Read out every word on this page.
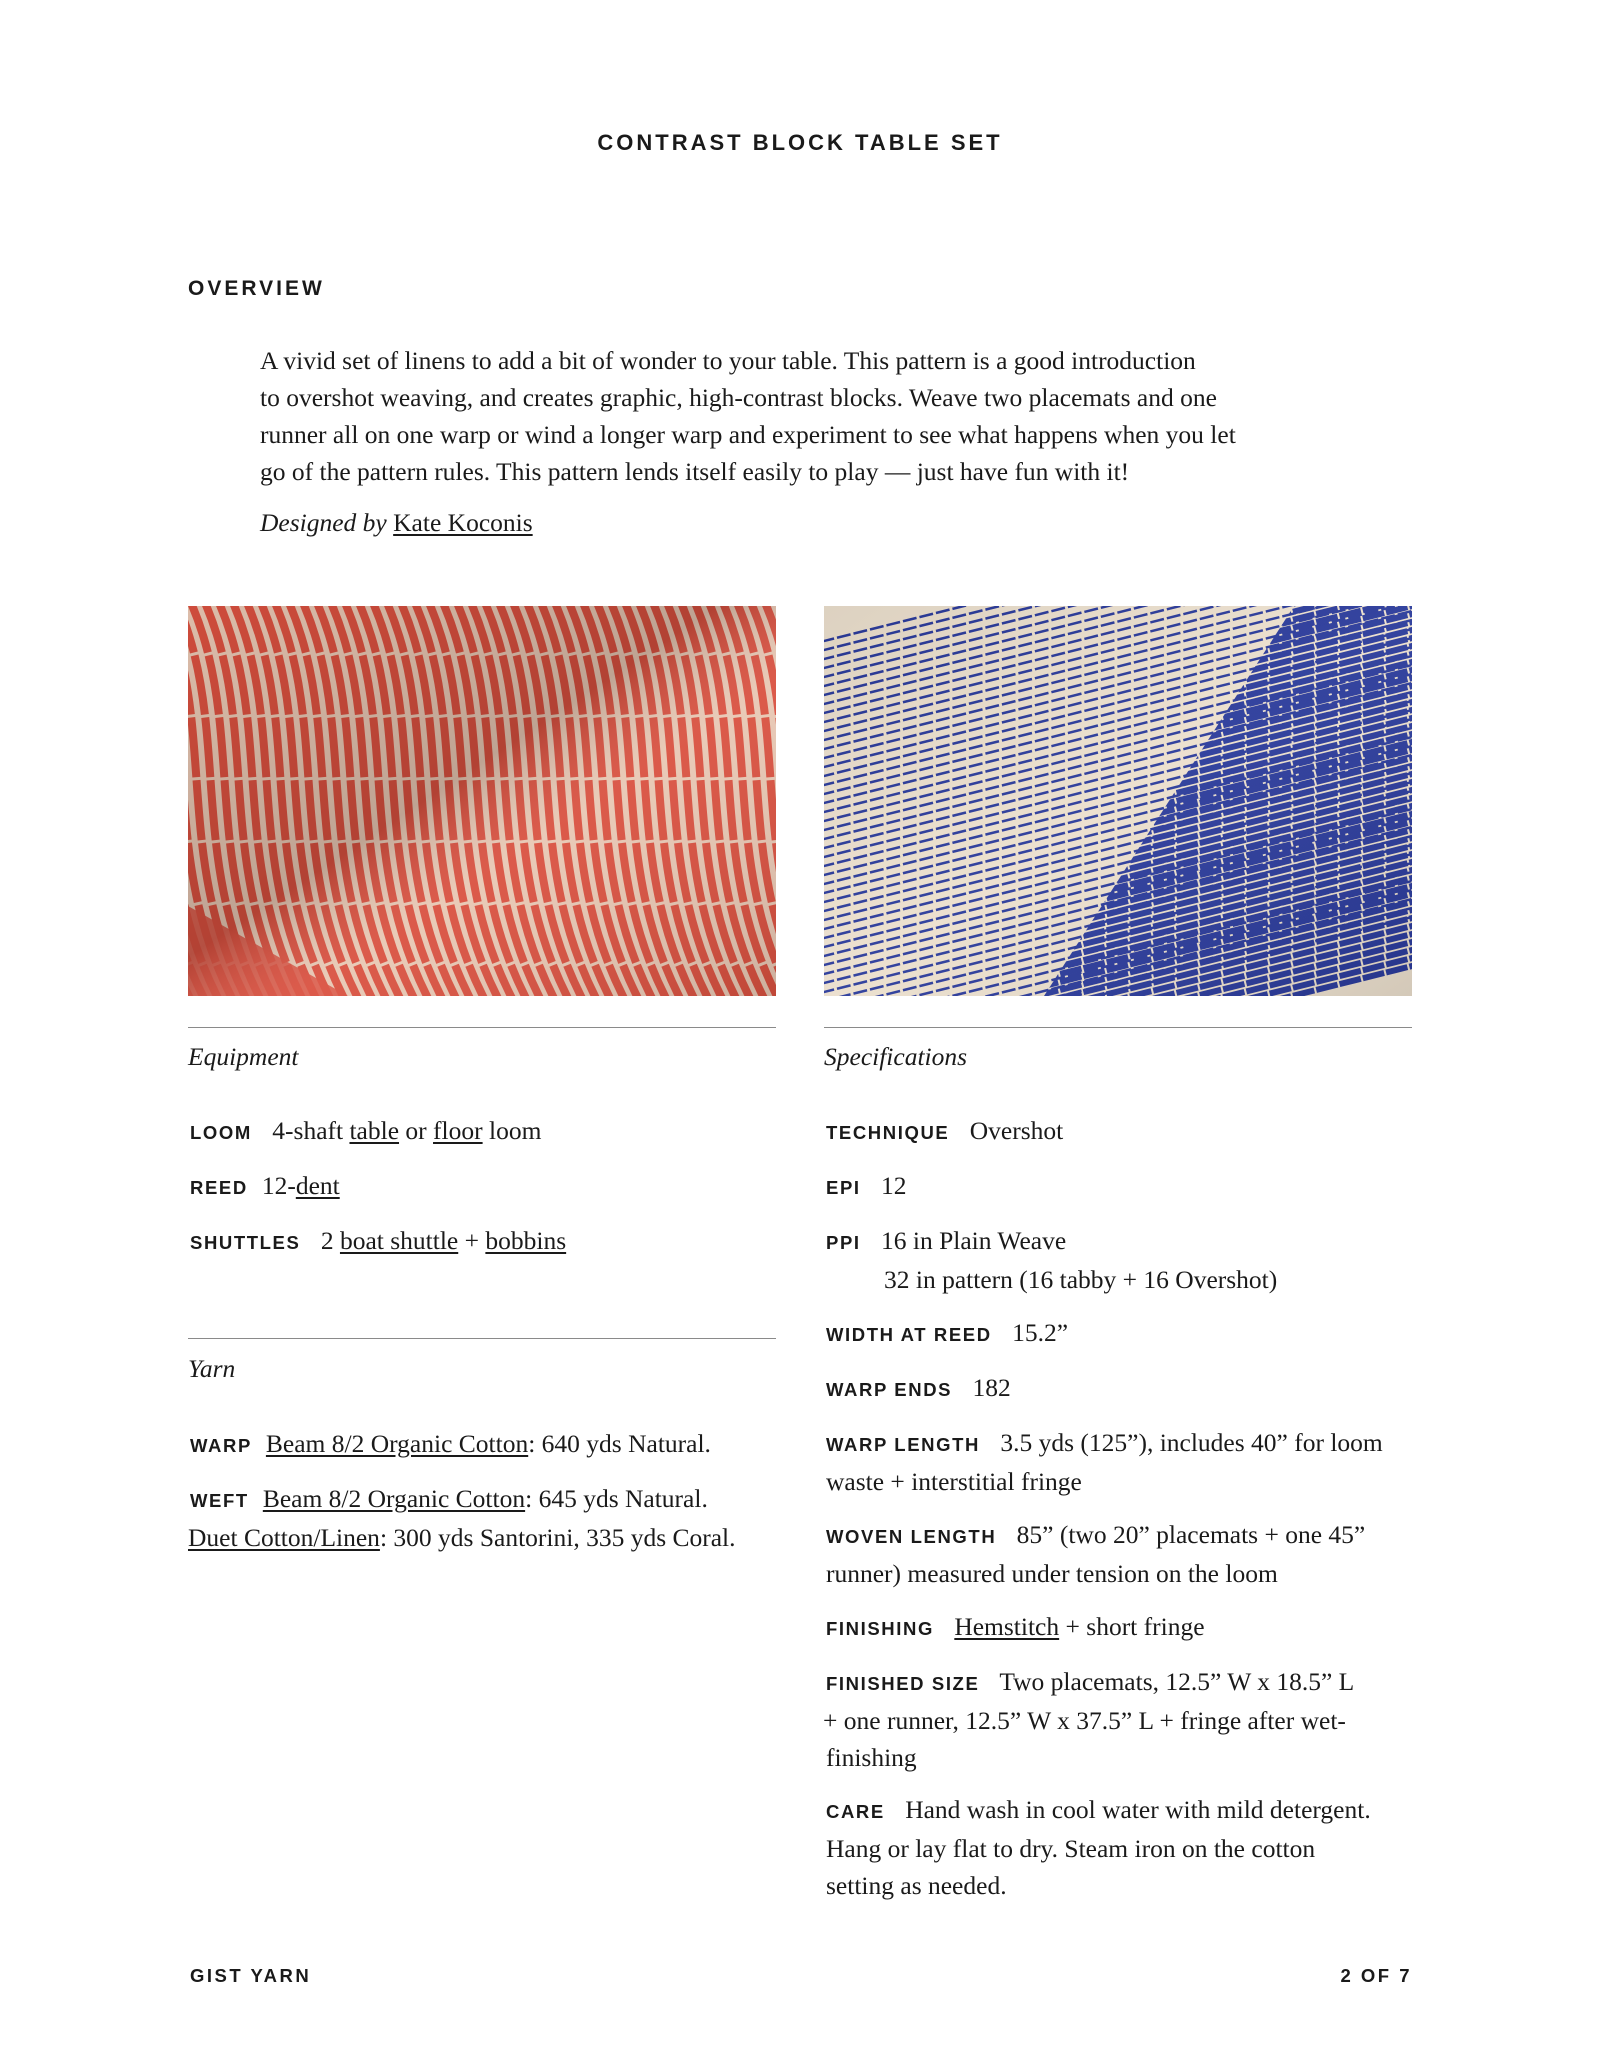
CONTRAST BLOCK TABLE SET
OVERVIEW

A vivid set of linens to add a bit of wonder to your table. This pattern is a good introduction

to overshot weaving, and creates graphic, high-contrast blocks. Weave two placemats and one

runner all on one warp or wind a longer warp and experiment to see what happens when you let

go of the pattern rules. This pattern lends itself easily to play — just have fun with it!

Designed by Kate Koconis
Equipment
LOOM 4-shaft table or floor loom
REED 12-dent
SHUTTLES 2 boat shuttle + bobbins
Yarn
WARP Beam 8/2 Organic Cotton: 640 yds Natural.
WEFT Beam 8/2 Organic Cotton: 645 yds Natural.
Duet Cotton/Linen: 300 yds Santorini, 335 yds Coral.
Specifications
TECHNIQUE Overshot
EPI 12
PPI 16 in Plain Weave
32 in pattern (16 tabby + 16 Overshot)
WIDTH AT REED 15.2”
WARP ENDS 182
WARP LENGTH 3.5 yds (125”), includes 40” for loom
waste + interstitial fringe
WOVEN LENGTH 85” (two 20” placemats + one 45”
runner) measured under tension on the loom
FINISHING Hemstitch + short fringe
FINISHED SIZE Two placemats, 12.5” W x 18.5” L
+ one runner, 12.5” W x 37.5” L + fringe after wet-
finishing
CARE Hand wash in cool water with mild detergent.
Hang or lay flat to dry. Steam iron on the cotton
setting as needed.
GIST YARN	2 OF 7
